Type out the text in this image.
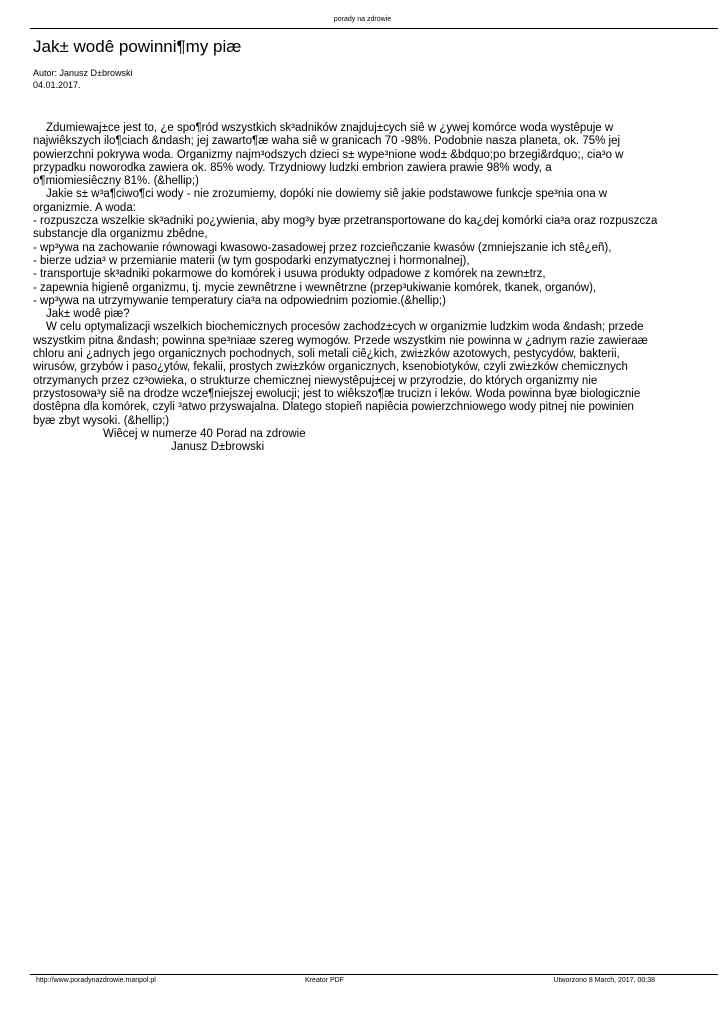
porady na zdrowie
Jak± wodê powinni¶my piæ
Autor: Janusz D±browski
04.01.2017.
Zdumiewaj±ce jest to, ¿e spo¶ród wszystkich sk³adników znajduj±cych siê w ¿ywej komórce woda wystêpuje w
najwiêkszych ilo¶ciach &ndash; jej zawarto¶æ waha siê w granicach 70 -98%. Podobnie nasza planeta, ok. 75% jej
powierzchni pokrywa woda. Organizmy najm³odszych dzieci s± wype³nione wod± &bdquo;po brzegi&rdquo;, cia³o w
przypadku noworodka zawiera ok. 85% wody. Trzydniowy ludzki embrion zawiera prawie 98% wody, a
o¶miomiesiêczny 81%. (&hellip;)
Jakie s± w³a¶ciwo¶ci wody - nie zrozumiemy, dopóki nie dowiemy siê jakie podstawowe funkcje spe³nia ona w
organizmie. A woda:
- rozpuszcza wszelkie sk³adniki po¿ywienia, aby mog³y byæ przetransportowane do ka¿dej komórki cia³a oraz rozpuszcza
substancje dla organizmu zbêdne,
- wp³ywa na zachowanie równowagi kwasowo-zasadowej przez rozcieñczanie kwasów (zmniejszanie ich stê¿eñ),
- bierze udzia³ w przemianie materii (w tym gospodarki enzymatycznej i hormonalnej),
- transportuje sk³adniki pokarmowe do komórek i usuwa produkty odpadowe z komórek na zewn±trz,
- zapewnia higienê organizmu, tj. mycie zewnêtrzne i wewnêtrzne (przep³ukiwanie komórek, tkanek, organów),
- wp³ywa na utrzymywanie temperatury cia³a na odpowiednim poziomie.(&hellip;)
Jak± wodê piæ?
W celu optymalizacji wszelkich biochemicznych procesów zachodz±cych w organizmie ludzkim woda &ndash; przede
wszystkim pitna &ndash; powinna spe³niaæ szereg wymogów. Przede wszystkim nie powinna w ¿adnym razie zawieraæ
chloru ani ¿adnych jego organicznych pochodnych, soli metali ciê¿kich, zwi±zków azotowych, pestycydów, bakterii,
wirusów, grzybów i paso¿ytów, fekalii, prostych zwi±zków organicznych, ksenobiotyków, czyli zwi±zków chemicznych
otrzymanych przez cz³owieka, o strukturze chemicznej niewystêpuj±cej w przyrodzie, do których organizmy nie
przystosowa³y siê na drodze wcze¶niejszej ewolucji; jest to wiêkszo¶æ trucizn i leków. Woda powinna byæ biologicznie
dostêpna dla komórek, czyli ³atwo przyswajalna. Dlatego stopieñ napiêcia powierzchniowego wody pitnej nie powinien
byæ zbyt wysoki. (&hellip;)
Wiêcej w numerze 40 Porad na zdrowie
Janusz D±browski
http://www.poradynazdrowie.manpol.pl	Kreator PDF	Utworzono 8 March, 2017, 00:38
